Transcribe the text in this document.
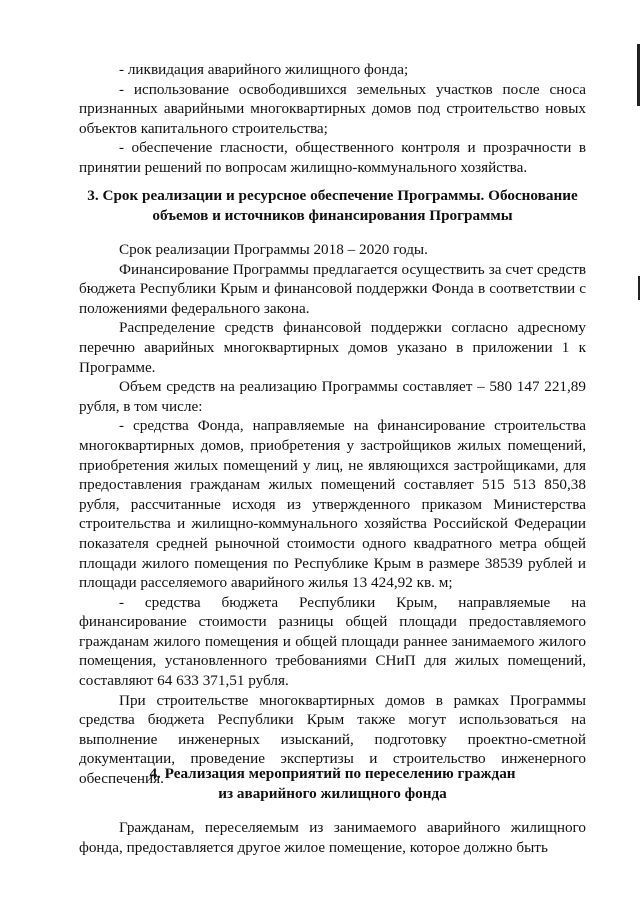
- ликвидация аварийного жилищного фонда;

- использование освободившихся земельных участков после сноса признанных аварийными многоквартирных домов под строительство новых объектов капитального строительства;

- обеспечение гласности, общественного контроля и прозрачности в принятии решений по вопросам жилищно-коммунального хозяйства.

3. Срок реализации и ресурсное обеспечение Программы. Обоснование
объемов и источников финансирования Программы

Срок реализации Программы 2018 – 2020 годы.

Финансирование Программы предлагается осуществить за счет средств бюджета Республики Крым и финансовой поддержки Фонда в соответствии с положениями федерального закона.

Распределение средств финансовой поддержки согласно адресному перечню аварийных многоквартирных домов указано в приложении 1 к Программе.

Объем средств на реализацию Программы составляет – 580 147 221,89 рубля, в том числе:

- средства Фонда, направляемые на финансирование строительства многоквартирных домов, приобретения у застройщиков жилых помещений, приобретения жилых помещений у лиц, не являющихся застройщиками, для предоставления гражданам жилых помещений составляет 515 513 850,38 рубля, рассчитанные исходя из утвержденного приказом Министерства строительства и жилищно-коммунального хозяйства Российской Федерации показателя средней рыночной стоимости одного квадратного метра общей площади жилого помещения по Республике Крым в размере 38539 рублей и площади расселяемого аварийного жилья 13 424,92 кв. м;

- средства бюджета Республики Крым, направляемые на финансирование стоимости разницы общей площади предоставляемого гражданам жилого помещения и общей площади раннее занимаемого жилого помещения, установленного требованиями СНиП для жилых помещений, составляют 64 633 371,51 рубля.

При строительстве многоквартирных домов в рамках Программы средства бюджета Республики Крым также могут использоваться на выполнение инженерных изысканий, подготовку проектно-сметной документации, проведение экспертизы и строительство инженерного обеспечения.

4. Реализация мероприятий по переселению граждан
из аварийного жилищного фонда

Гражданам, переселяемым из занимаемого аварийного жилищного фонда, предоставляется другое жилое помещение, которое должно быть
